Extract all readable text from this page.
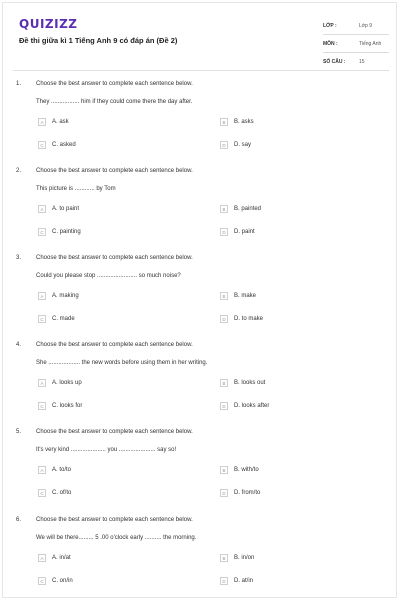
QUIZIZZ
Đề thi giữa kì 1 Tiếng Anh 9 có đáp án (Đề 2)
LỚP :	Lớp 9
MÔN :	Tiếng Anh
SỐ CÂU :	15
1. Choose the best answer to complete each sentence below.
They ................. him if they could come there the day after.
A	A. ask	B	B. asks
C	C. asked	D	D. say
2. Choose the best answer to complete each sentence below.
This picture is ............ by Tom
A	A. to paint	B	B. painted
C	C. painting	D	D. paint
3. Choose the best answer to complete each sentence below.
Could you please stop ........................ so much noise?
A	A. making	B	B. make
C	C. made	D	D. to make
4. Choose the best answer to complete each sentence below.
She ................... the new words before using them in her writing.
A	A. looks up	B	B. looks out
C	C. looks for	D	D. looks after
5. Choose the best answer to complete each sentence below.
It's very kind ..................... you ...................... say so!
A	A. to/to	B	B. with/to
C	C. of/to	D	D. from/to
6. Choose the best answer to complete each sentence below.
We will be there......... 5 .00 o'clock early .......... the morning.
A	A. in/at	B	B. in/on
C	C. on/in	D	D. at/in
